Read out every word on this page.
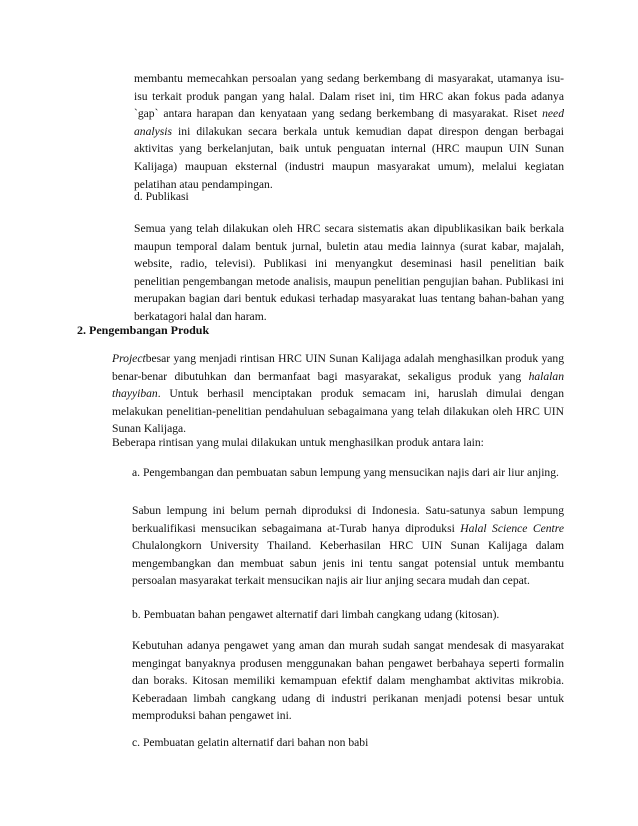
membantu memecahkan persoalan yang sedang berkembang di masyarakat, utamanya isu-isu terkait produk pangan yang halal. Dalam riset ini, tim HRC akan fokus pada adanya `gap` antara harapan dan kenyataan yang sedang berkembang di masyarakat. Riset need analysis ini dilakukan secara berkala untuk kemudian dapat direspon dengan berbagai aktivitas yang berkelanjutan, baik untuk penguatan internal (HRC maupun UIN Sunan Kalijaga) maupuan eksternal (industri maupun masyarakat umum), melalui kegiatan pelatihan atau pendampingan.

d. Publikasi

Semua yang telah dilakukan oleh HRC secara sistematis akan dipublikasikan baik berkala maupun temporal dalam bentuk jurnal, buletin atau media lainnya (surat kabar, majalah, website, radio, televisi). Publikasi ini menyangkut deseminasi hasil penelitian baik penelitian pengembangan metode analisis, maupun penelitian pengujian bahan. Publikasi ini merupakan bagian dari bentuk edukasi terhadap masyarakat luas tentang bahan-bahan yang berkatagori halal dan haram.

2. Pengembangan Produk

Projectbesar yang menjadi rintisan HRC UIN Sunan Kalijaga adalah menghasilkan produk yang benar-benar dibutuhkan dan bermanfaat bagi masyarakat, sekaligus produk yang halalan thayyiban. Untuk berhasil menciptakan produk semacam ini, haruslah dimulai dengan melakukan penelitian-penelitian pendahuluan sebagaimana yang telah dilakukan oleh HRC UIN Sunan Kalijaga.

Beberapa rintisan yang mulai dilakukan untuk menghasilkan produk antara lain:

a. Pengembangan dan pembuatan sabun lempung yang mensucikan najis dari air liur anjing.

Sabun lempung ini belum pernah diproduksi di Indonesia. Satu-satunya sabun lempung berkualifikasi mensucikan sebagaimana at-Turab hanya diproduksi Halal Science Centre Chulalongkorn University Thailand. Keberhasilan HRC UIN Sunan Kalijaga dalam mengembangkan dan membuat sabun jenis ini tentu sangat potensial untuk membantu persoalan masyarakat terkait mensucikan najis air liur anjing secara mudah dan cepat.

b. Pembuatan bahan pengawet alternatif dari limbah cangkang udang (kitosan).

Kebutuhan adanya pengawet yang aman dan murah sudah sangat mendesak di masyarakat mengingat banyaknya produsen menggunakan bahan pengawet berbahaya seperti formalin dan boraks. Kitosan memiliki kemampuan efektif dalam menghambat aktivitas mikrobia. Keberadaan limbah cangkang udang di industri perikanan menjadi potensi besar untuk memproduksi bahan pengawet ini.

c. Pembuatan gelatin alternatif dari bahan non babi
